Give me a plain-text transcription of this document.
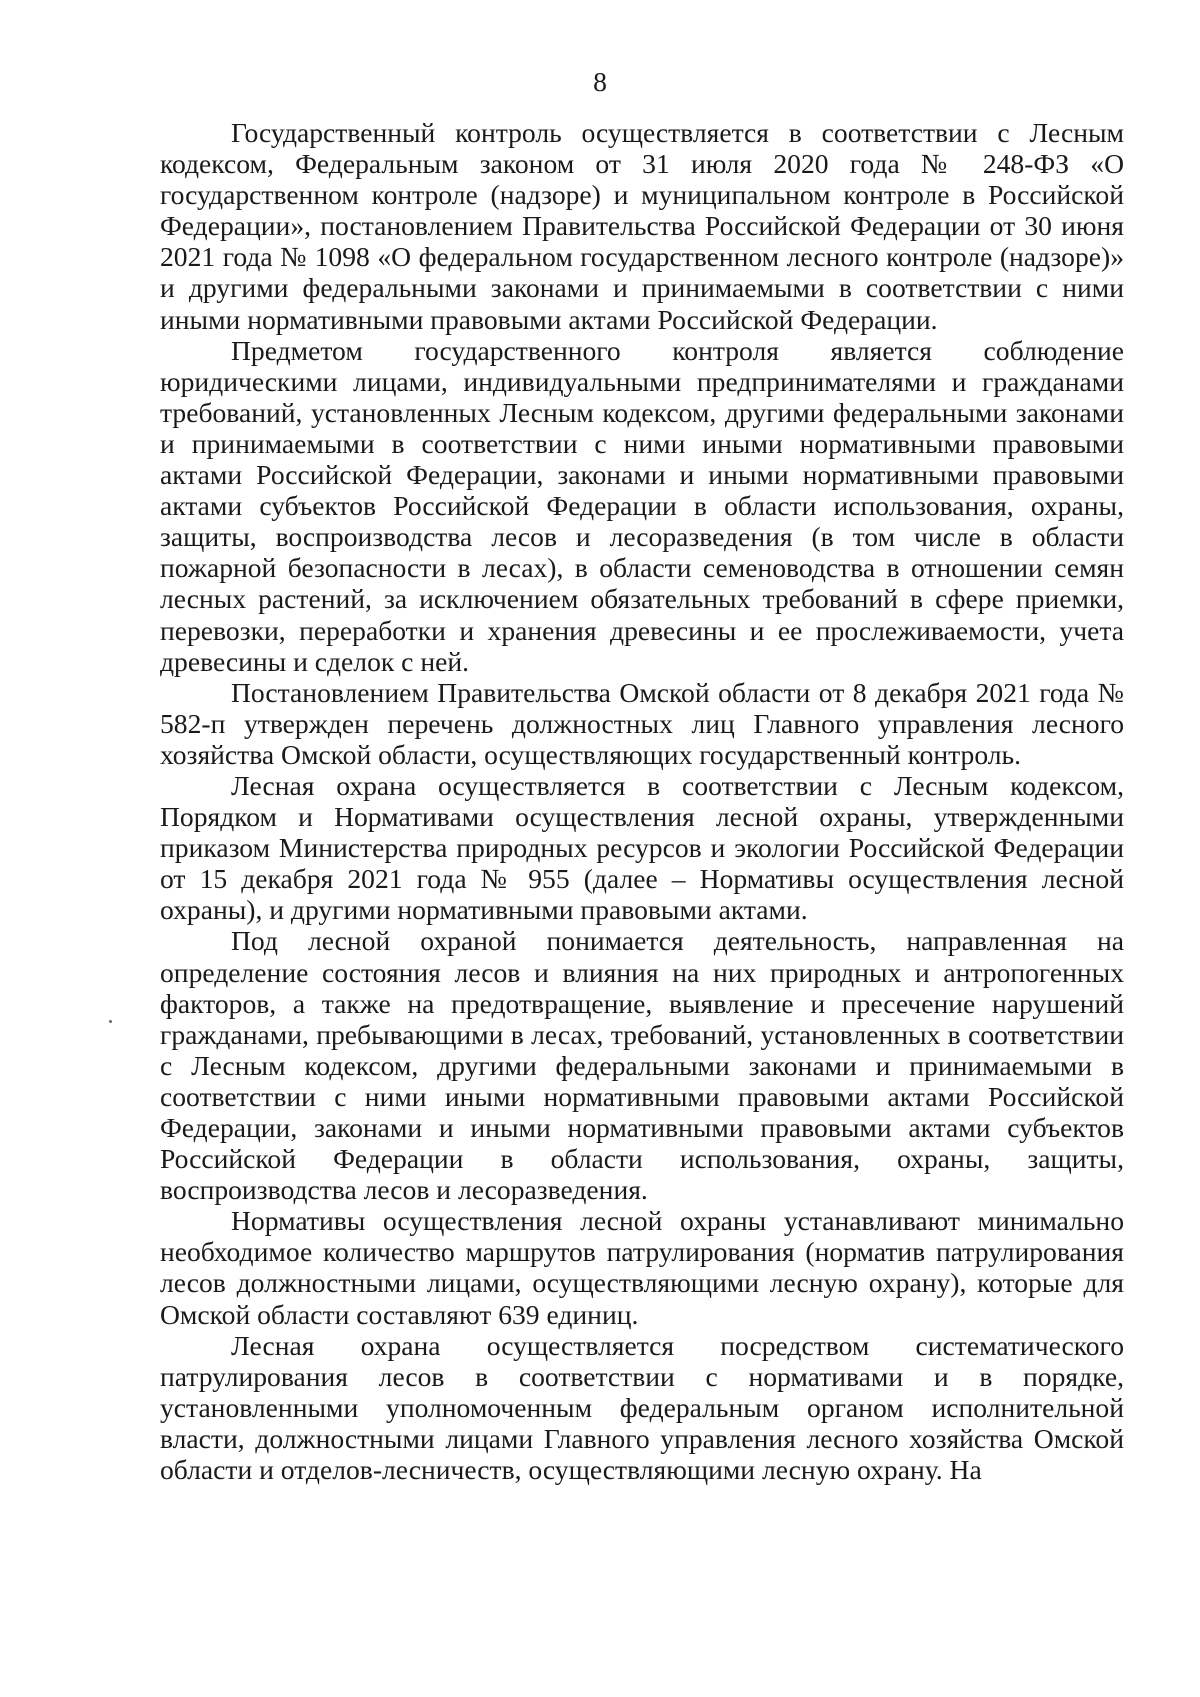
8

Государственный контроль осуществляется в соответствии с Лесным кодексом, Федеральным законом от 31 июля 2020 года № 248-ФЗ «О государственном контроле (надзоре) и муниципальном контроле в Российской Федерации», постановлением Правительства Российской Федерации от 30 июня 2021 года № 1098 «О федеральном государственном лесного контроле (надзоре)» и другими федеральными законами и принимаемыми в соответствии с ними иными нормативными правовыми актами Российской Федерации.

Предметом государственного контроля является соблюдение юридическими лицами, индивидуальными предпринимателями и гражданами требований, установленных Лесным кодексом, другими федеральными законами и принимаемыми в соответствии с ними иными нормативными правовыми актами Российской Федерации, законами и иными нормативными правовыми актами субъектов Российской Федерации в области использования, охраны, защиты, воспроизводства лесов и лесоразведения (в том числе в области пожарной безопасности в лесах), в области семеноводства в отношении семян лесных растений, за исключением обязательных требований в сфере приемки, перевозки, переработки и хранения древесины и ее прослеживаемости, учета древесины и сделок с ней.

Постановлением Правительства Омской области от 8 декабря 2021 года № 582-п утвержден перечень должностных лиц Главного управления лесного хозяйства Омской области, осуществляющих государственный контроль.

Лесная охрана осуществляется в соответствии с Лесным кодексом, Порядком и Нормативами осуществления лесной охраны, утвержденными приказом Министерства природных ресурсов и экологии Российской Федерации от 15 декабря 2021 года № 955 (далее – Нормативы осуществления лесной охраны), и другими нормативными правовыми актами.

Под лесной охраной понимается деятельность, направленная на определение состояния лесов и влияния на них природных и антропогенных факторов, а также на предотвращение, выявление и пресечение нарушений гражданами, пребывающими в лесах, требований, установленных в соответствии с Лесным кодексом, другими федеральными законами и принимаемыми в соответствии с ними иными нормативными правовыми актами Российской Федерации, законами и иными нормативными правовыми актами субъектов Российской Федерации в области использования, охраны, защиты, воспроизводства лесов и лесоразведения.

Нормативы осуществления лесной охраны устанавливают минимально необходимое количество маршрутов патрулирования (норматив патрулирования лесов должностными лицами, осуществляющими лесную охрану), которые для Омской области составляют 639 единиц.

Лесная охрана осуществляется посредством систематического патрулирования лесов в соответствии с нормативами и в порядке, установленными уполномоченным федеральным органом исполнительной власти, должностными лицами Главного управления лесного хозяйства Омской области и отделов-лесничеств, осуществляющими лесную охрану. На
